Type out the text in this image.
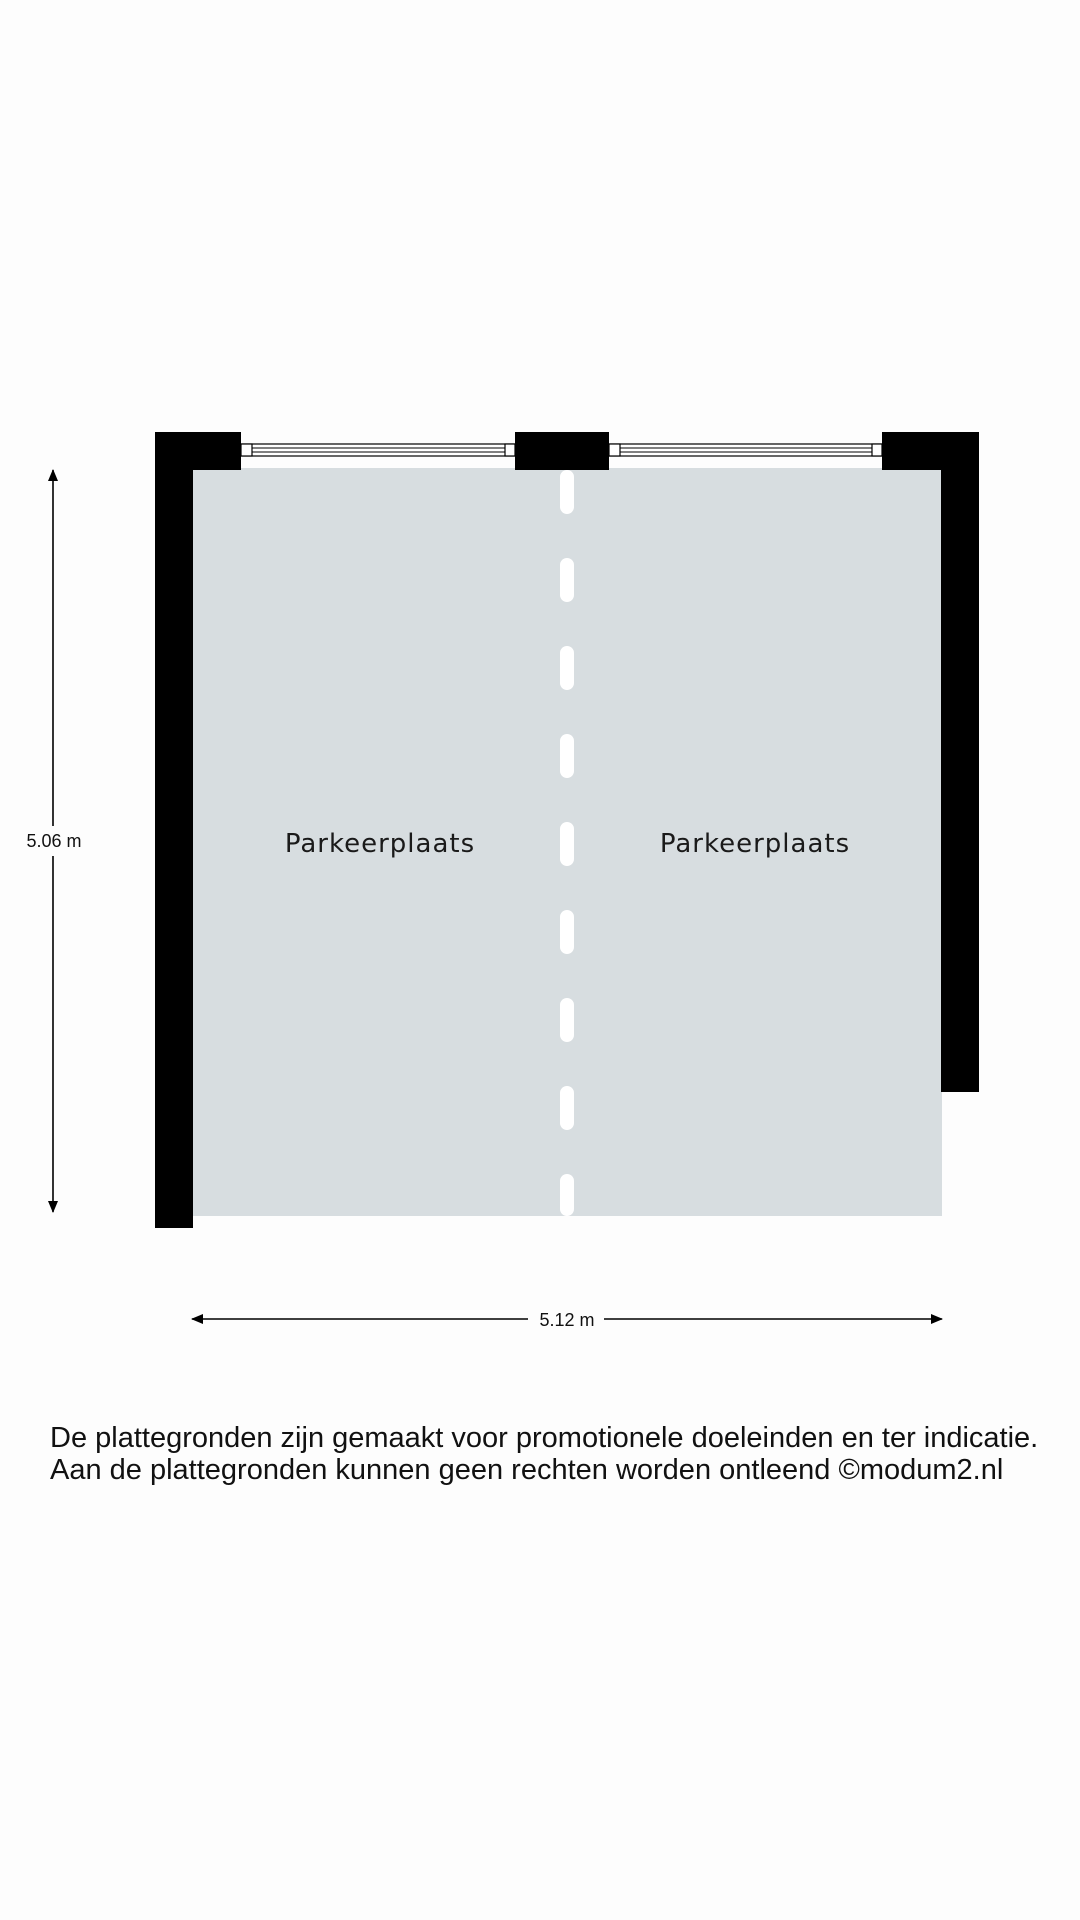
Parkeerplaats	Parkeerplaats
5.06 m
5.12 m
De plattegronden zijn gemaakt voor promotionele doeleinden en ter indicatie.
Aan de plattegronden kunnen geen rechten worden ontleend ©modum2.nl
